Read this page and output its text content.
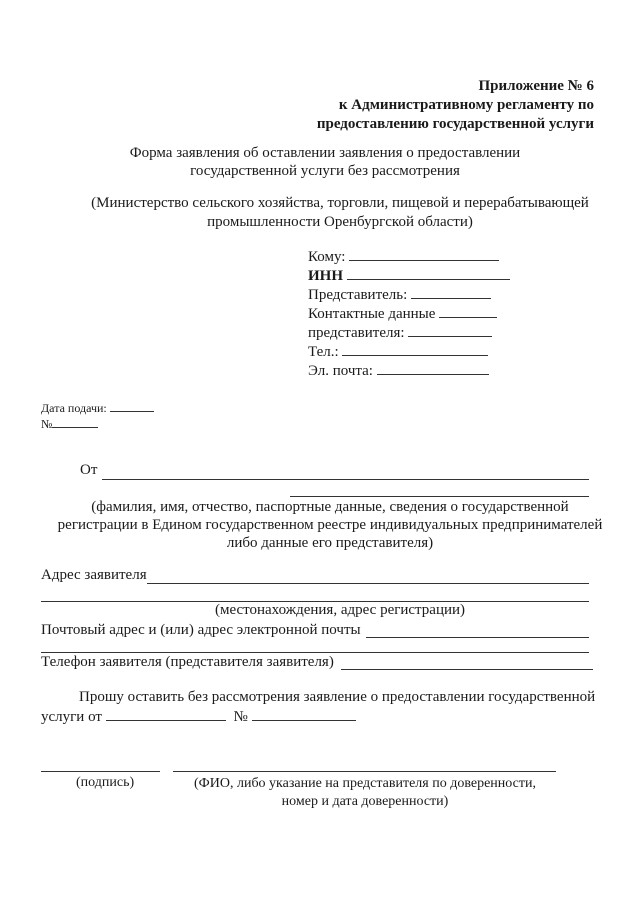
Приложение № 6
к Административному регламенту по
предоставлению государственной услуги
Форма заявления об оставлении заявления о предоставлении
государственной услуги без рассмотрения
(Министерство сельского хозяйства, торговли, пищевой и перерабатывающей
промышленности Оренбургской области)
Кому:
ИНН
Представитель:
Контактные данные
представителя:
Тел.:
Эл. почта:
Дата подачи:
№
От
(фамилия, имя, отчество, паспортные данные, сведения о государственной
регистрации в Едином государственном реестре индивидуальных предпринимателей
либо данные его представителя)
Адрес заявителя
(местонахождения, адрес регистрации)
Почтовый адрес и (или) адрес электронной почты
Телефон заявителя (представителя заявителя)
Прошу оставить без рассмотрения заявление о предоставлении государственной
услуги от	№
(подпись)	(ФИО, либо указание на представителя по доверенности,
номер и дата доверенности)
